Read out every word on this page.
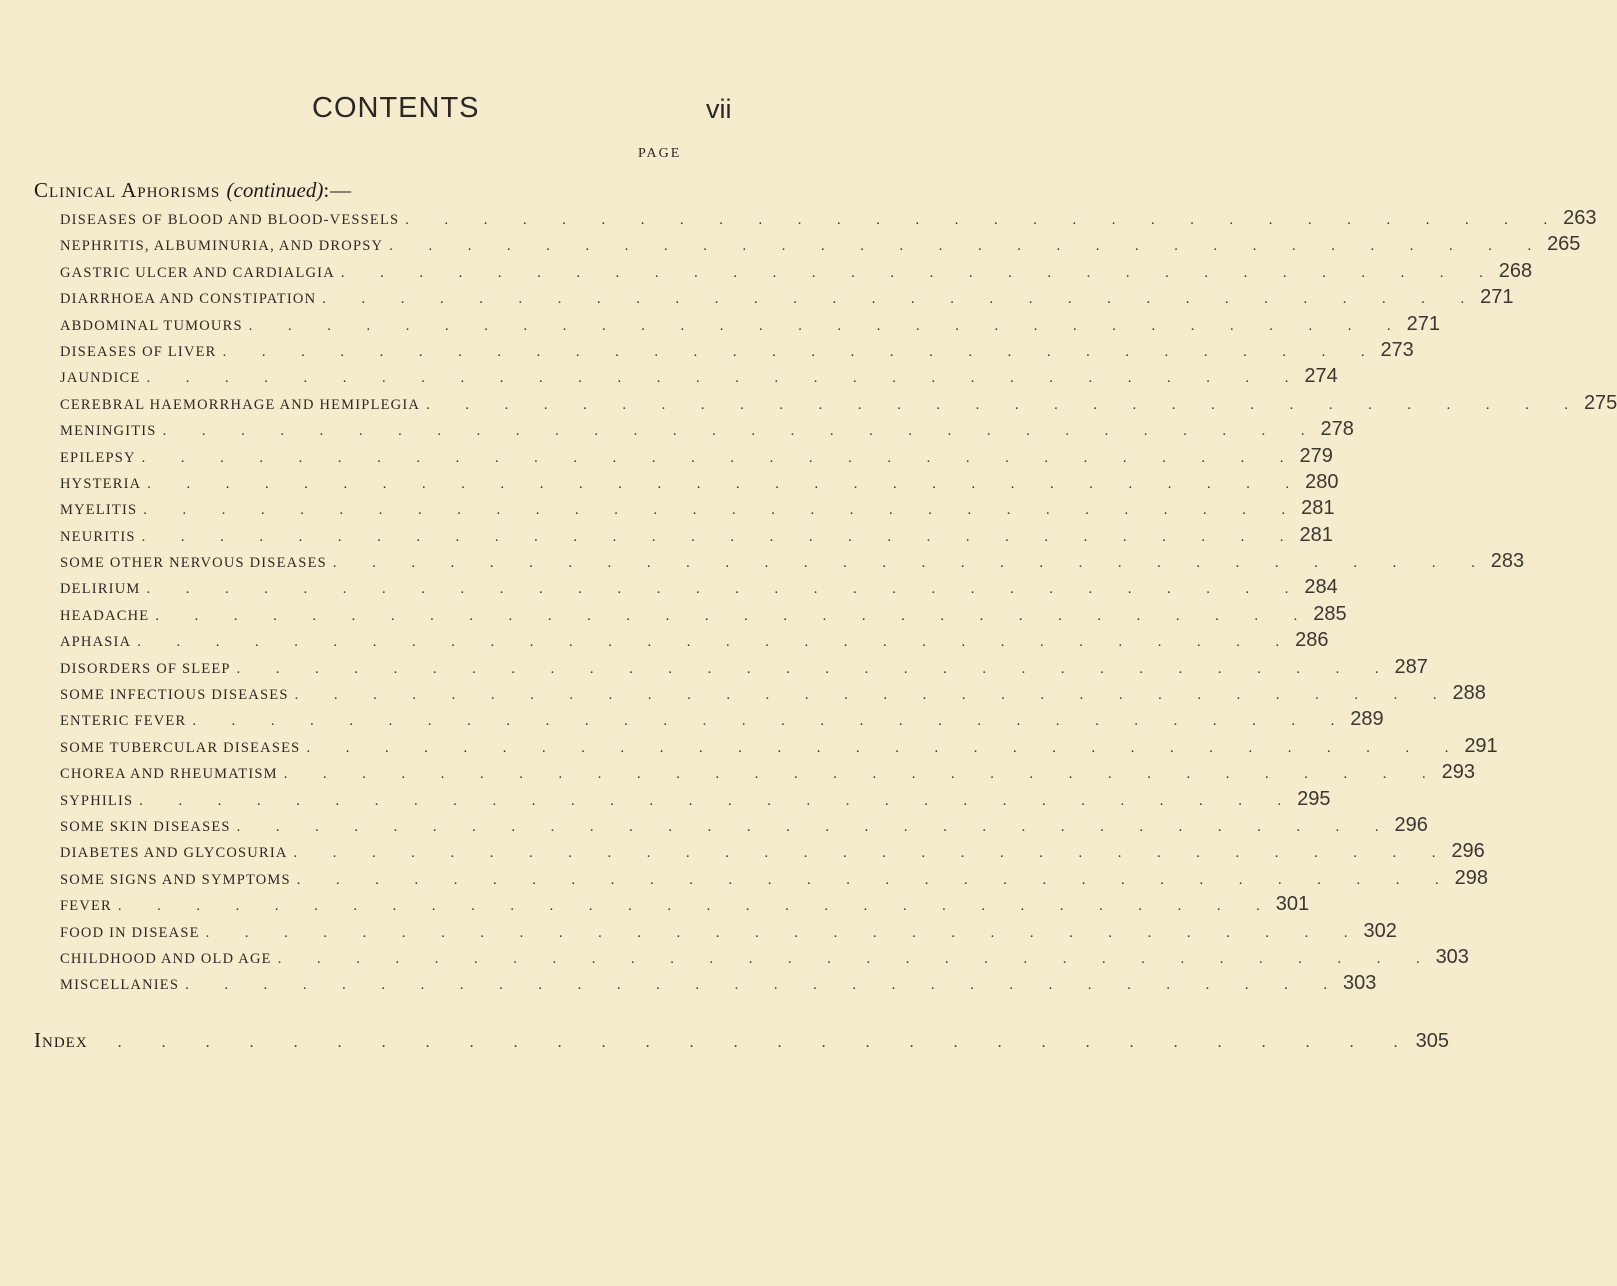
CONTENTS	vii
PAGE
Clinical Aphorisms (continued):—
DISEASES OF BLOOD AND BLOOD-VESSELS . . . . . . . . . . . . . . . . . . . . . . . . . . . . . . 263
NEPHRITIS, ALBUMINURIA, AND DROPSY . . . . . . . . . . . . . . . . . . . . . . . . . . . . . . 265
GASTRIC ULCER AND CARDIALGIA . . . . . . . . . . . . . . . . . . . . . . . . . . . . . . 268
DIARRHOEA AND CONSTIPATION . . . . . . . . . . . . . . . . . . . . . . . . . . . . . . 271
ABDOMINAL TUMOURS . . . . . . . . . . . . . . . . . . . . . . . . . . . . . . 271
DISEASES OF LIVER . . . . . . . . . . . . . . . . . . . . . . . . . . . . . . 273
JAUNDICE . . . . . . . . . . . . . . . . . . . . . . . . . . . . . . 274
CEREBRAL HAEMORRHAGE AND HEMIPLEGIA . . . . . . . . . . . . . . . . . . . . . . . . . . . . . . 275
MENINGITIS . . . . . . . . . . . . . . . . . . . . . . . . . . . . . . 278
EPILEPSY . . . . . . . . . . . . . . . . . . . . . . . . . . . . . . 279
HYSTERIA . . . . . . . . . . . . . . . . . . . . . . . . . . . . . . 280
MYELITIS . . . . . . . . . . . . . . . . . . . . . . . . . . . . . . 281
NEURITIS . . . . . . . . . . . . . . . . . . . . . . . . . . . . . . 281
SOME OTHER NERVOUS DISEASES . . . . . . . . . . . . . . . . . . . . . . . . . . . . . . 283
DELIRIUM . . . . . . . . . . . . . . . . . . . . . . . . . . . . . . 284
HEADACHE . . . . . . . . . . . . . . . . . . . . . . . . . . . . . . 285
APHASIA . . . . . . . . . . . . . . . . . . . . . . . . . . . . . . 286
DISORDERS OF SLEEP . . . . . . . . . . . . . . . . . . . . . . . . . . . . . . 287
SOME INFECTIOUS DISEASES . . . . . . . . . . . . . . . . . . . . . . . . . . . . . . 288
ENTERIC FEVER . . . . . . . . . . . . . . . . . . . . . . . . . . . . . . 289
SOME TUBERCULAR DISEASES . . . . . . . . . . . . . . . . . . . . . . . . . . . . . . 291
CHOREA AND RHEUMATISM . . . . . . . . . . . . . . . . . . . . . . . . . . . . . . 293
SYPHILIS . . . . . . . . . . . . . . . . . . . . . . . . . . . . . . 295
SOME SKIN DISEASES . . . . . . . . . . . . . . . . . . . . . . . . . . . . . . 296
DIABETES AND GLYCOSURIA . . . . . . . . . . . . . . . . . . . . . . . . . . . . . . 296
SOME SIGNS AND SYMPTOMS . . . . . . . . . . . . . . . . . . . . . . . . . . . . . . 298
FEVER . . . . . . . . . . . . . . . . . . . . . . . . . . . . . . 301
FOOD IN DISEASE . . . . . . . . . . . . . . . . . . . . . . . . . . . . . . 302
CHILDHOOD AND OLD AGE . . . . . . . . . . . . . . . . . . . . . . . . . . . . . . 303
MISCELLANIES . . . . . . . . . . . . . . . . . . . . . . . . . . . . . . 303
Index	. . . . . . . . . . . . . . . . . . . . . . . . . . . . . . 305
